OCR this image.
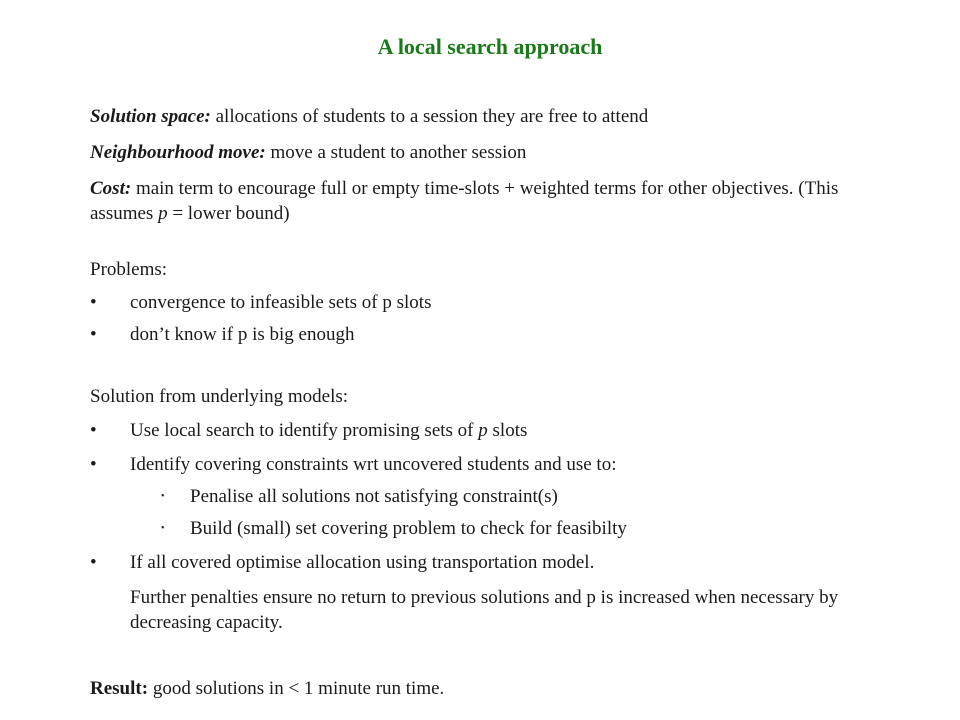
A local search approach
Solution space: allocations of students to a session they are free to attend
Neighbourhood move: move a student to another session
Cost: main term to encourage full or empty time-slots + weighted terms for other objectives. (This assumes p = lower bound)
Problems:
• convergence to infeasible sets of p slots
• don’t know if p is big enough
Solution from underlying models:
• Use local search to identify promising sets of p slots
• Identify covering constraints wrt uncovered students and use to:
• Penalise all solutions not satisfying constraint(s)
• Build (small) set covering problem to check for feasibilty
• If all covered optimise allocation using transportation model.
Further penalties ensure no return to previous solutions and p is increased when necessary by decreasing capacity.
Result: good solutions in < 1 minute run time.
